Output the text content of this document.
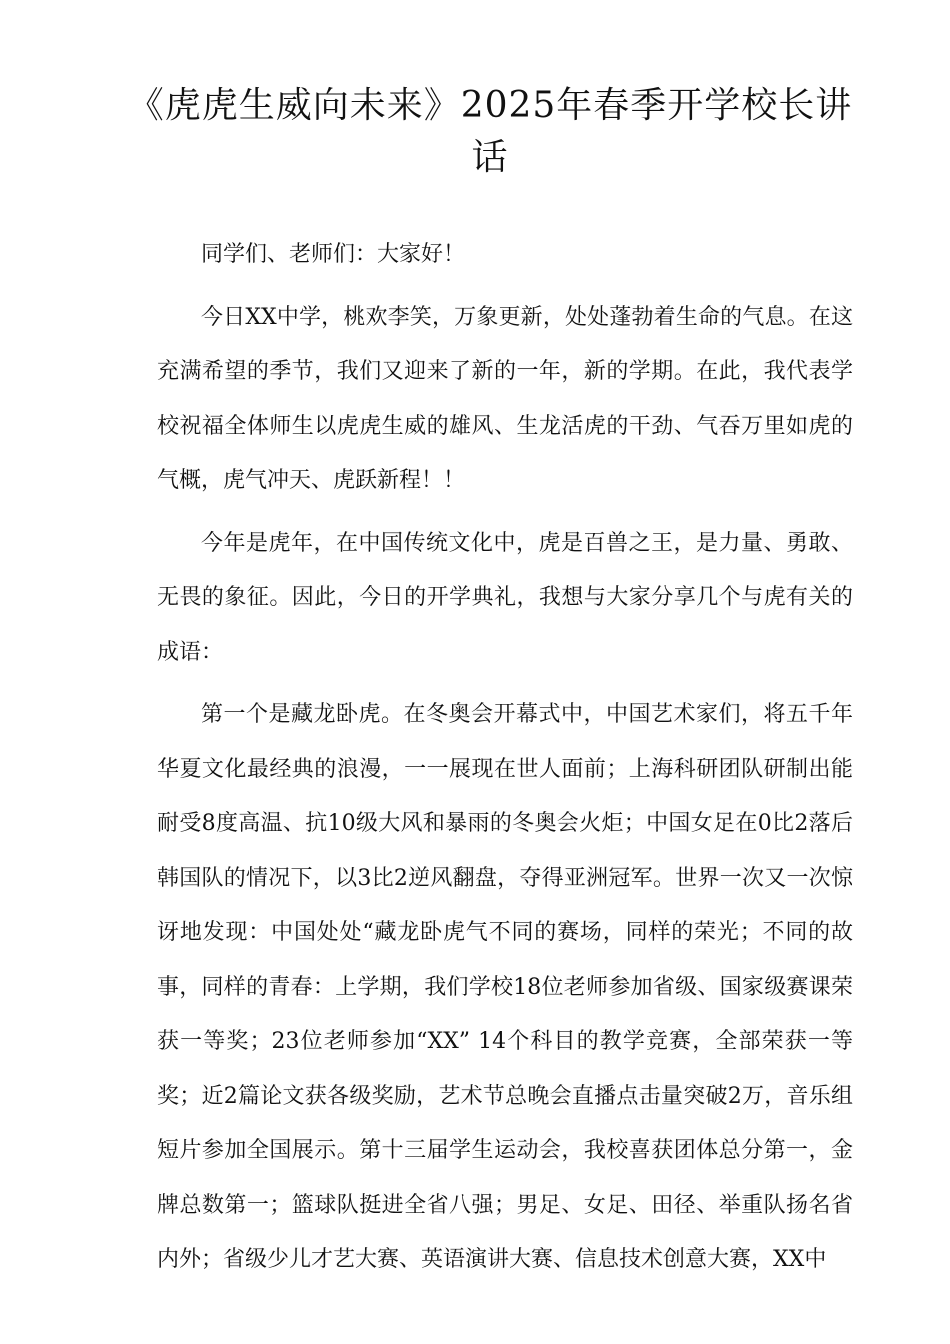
《虎虎生威向未来》2025年春季开学校长讲话

同学们、老师们：大家好！

今日XX中学，桃欢李笑，万象更新，处处蓬勃着生命的气息。在这充满希望的季节，我们又迎来了新的一年，新的学期。在此，我代表学校祝福全体师生以虎虎生威的雄风、生龙活虎的干劲、气吞万里如虎的气概，虎气冲天、虎跃新程！！

今年是虎年，在中国传统文化中，虎是百兽之王，是力量、勇敢、无畏的象征。因此，今日的开学典礼，我想与大家分享几个与虎有关的成语：

第一个是藏龙卧虎。在冬奥会开幕式中，中国艺术家们，将五千年华夏文化最经典的浪漫，一一展现在世人面前；上海科研团队研制出能耐受8度高温、抗10级大风和暴雨的冬奥会火炬；中国女足在0比2落后韩国队的情况下，以3比2逆风翻盘，夺得亚洲冠军。世界一次又一次惊讶地发现：中国处处“藏龙卧虎气不同的赛场，同样的荣光；不同的故事，同样的青春：上学期，我们学校18位老师参加省级、国家级赛课荣获一等奖；23位老师参加“XX” 14个科目的教学竞赛，全部荣获一等奖；近2篇论文获各级奖励，艺术节总晚会直播点击量突破2万，音乐组短片参加全国展示。第十三届学生运动会，我校喜获团体总分第一，金牌总数第一；篮球队挺进全省八强；男足、女足、田径、举重队扬名省内外；省级少儿才艺大赛、英语演讲大赛、信息技术创意大赛，XX中
